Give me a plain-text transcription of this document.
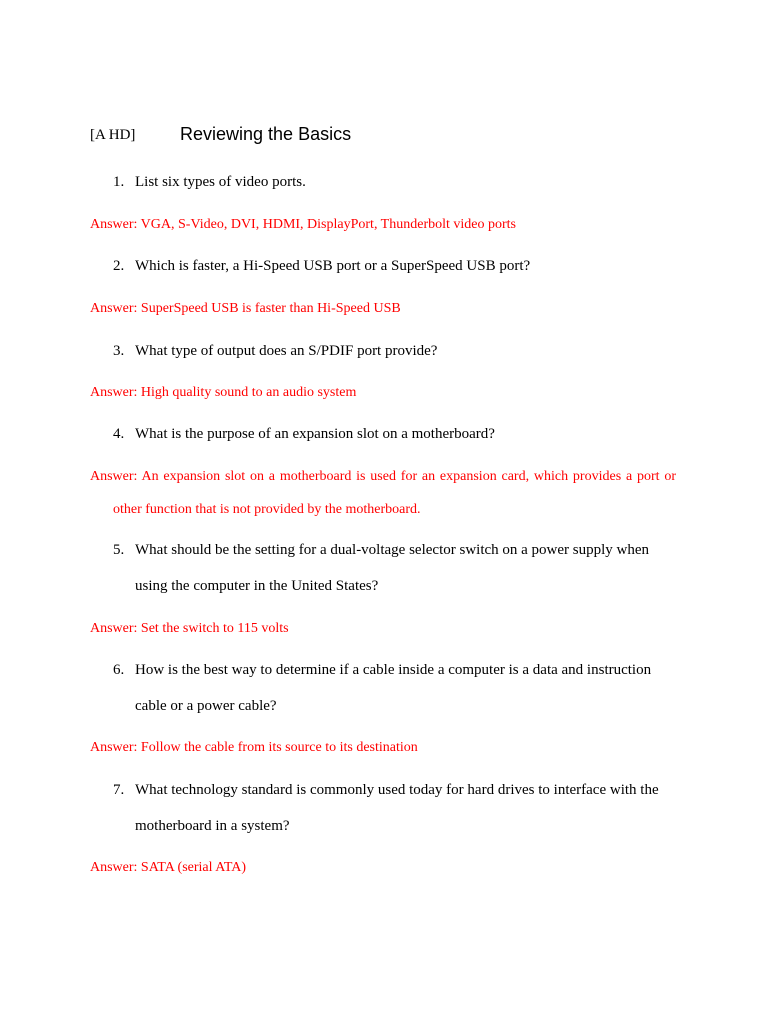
[A HD] Reviewing the Basics
1. List six types of video ports.
Answer: VGA, S-Video, DVI, HDMI, DisplayPort, Thunderbolt video ports
2. Which is faster, a Hi-Speed USB port or a SuperSpeed USB port?
Answer: SuperSpeed USB is faster than Hi-Speed USB
3. What type of output does an S/PDIF port provide?
Answer: High quality sound to an audio system
4. What is the purpose of an expansion slot on a motherboard?
Answer: An expansion slot on a motherboard is used for an expansion card, which provides a port or other function that is not provided by the motherboard.
5. What should be the setting for a dual-voltage selector switch on a power supply when using the computer in the United States?
Answer: Set the switch to 115 volts
6. How is the best way to determine if a cable inside a computer is a data and instruction cable or a power cable?
Answer: Follow the cable from its source to its destination
7. What technology standard is commonly used today for hard drives to interface with the motherboard in a system?
Answer: SATA (serial ATA)
